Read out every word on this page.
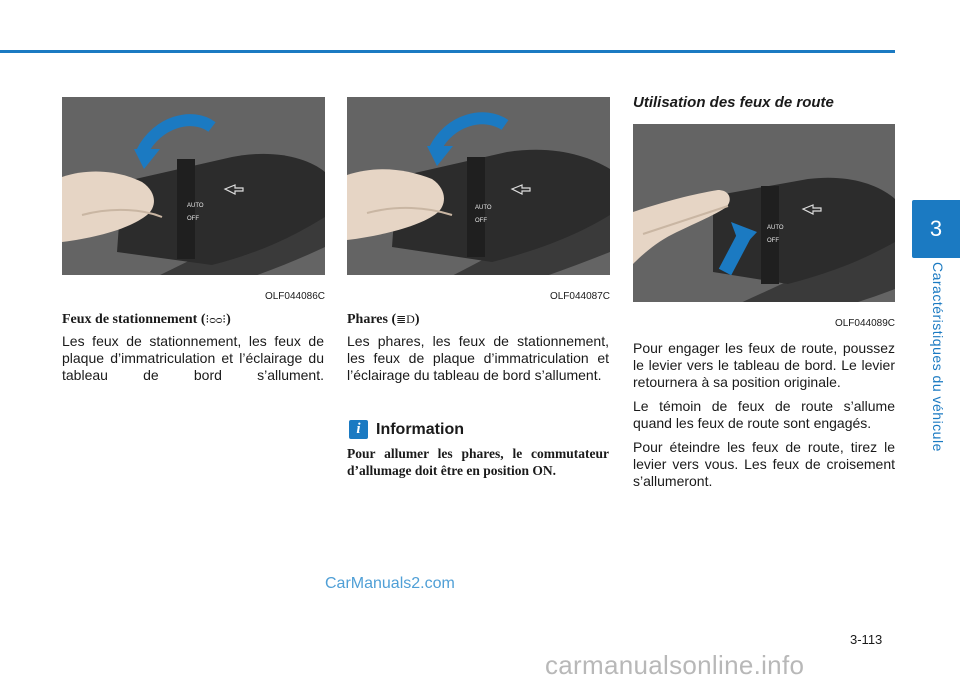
3
Caractéristiques du véhicule
AUTO
OFF
OLF044086C
Feux de stationnement (⁝ᴑᴑ⁝)

Les feux de stationnement, les feux de plaque d’immatriculation et l’éclairage du tableau de bord s’allument.

AUTO
OFF
OLF044087C
Phares (≣D)

Les phares, les feux de stationnement, les feux de plaque d’immatriculation et l’éclairage du tableau de bord s’allument.

i Information
Pour allumer les phares, le commutateur d’allumage doit être en position ON.
Utilisation des feux de route
AUTO
OFF
OLF044089C

Pour engager les feux de route, poussez le levier vers le tableau de bord. Le levier retournera à sa position originale.

Le témoin de feux de route s’allume quand les feux de route sont engagés.

Pour éteindre les feux de route, tirez le levier vers vous. Les feux de croisement s’allumeront.

CarManuals2.com
3-113
carmanualsonline.info
